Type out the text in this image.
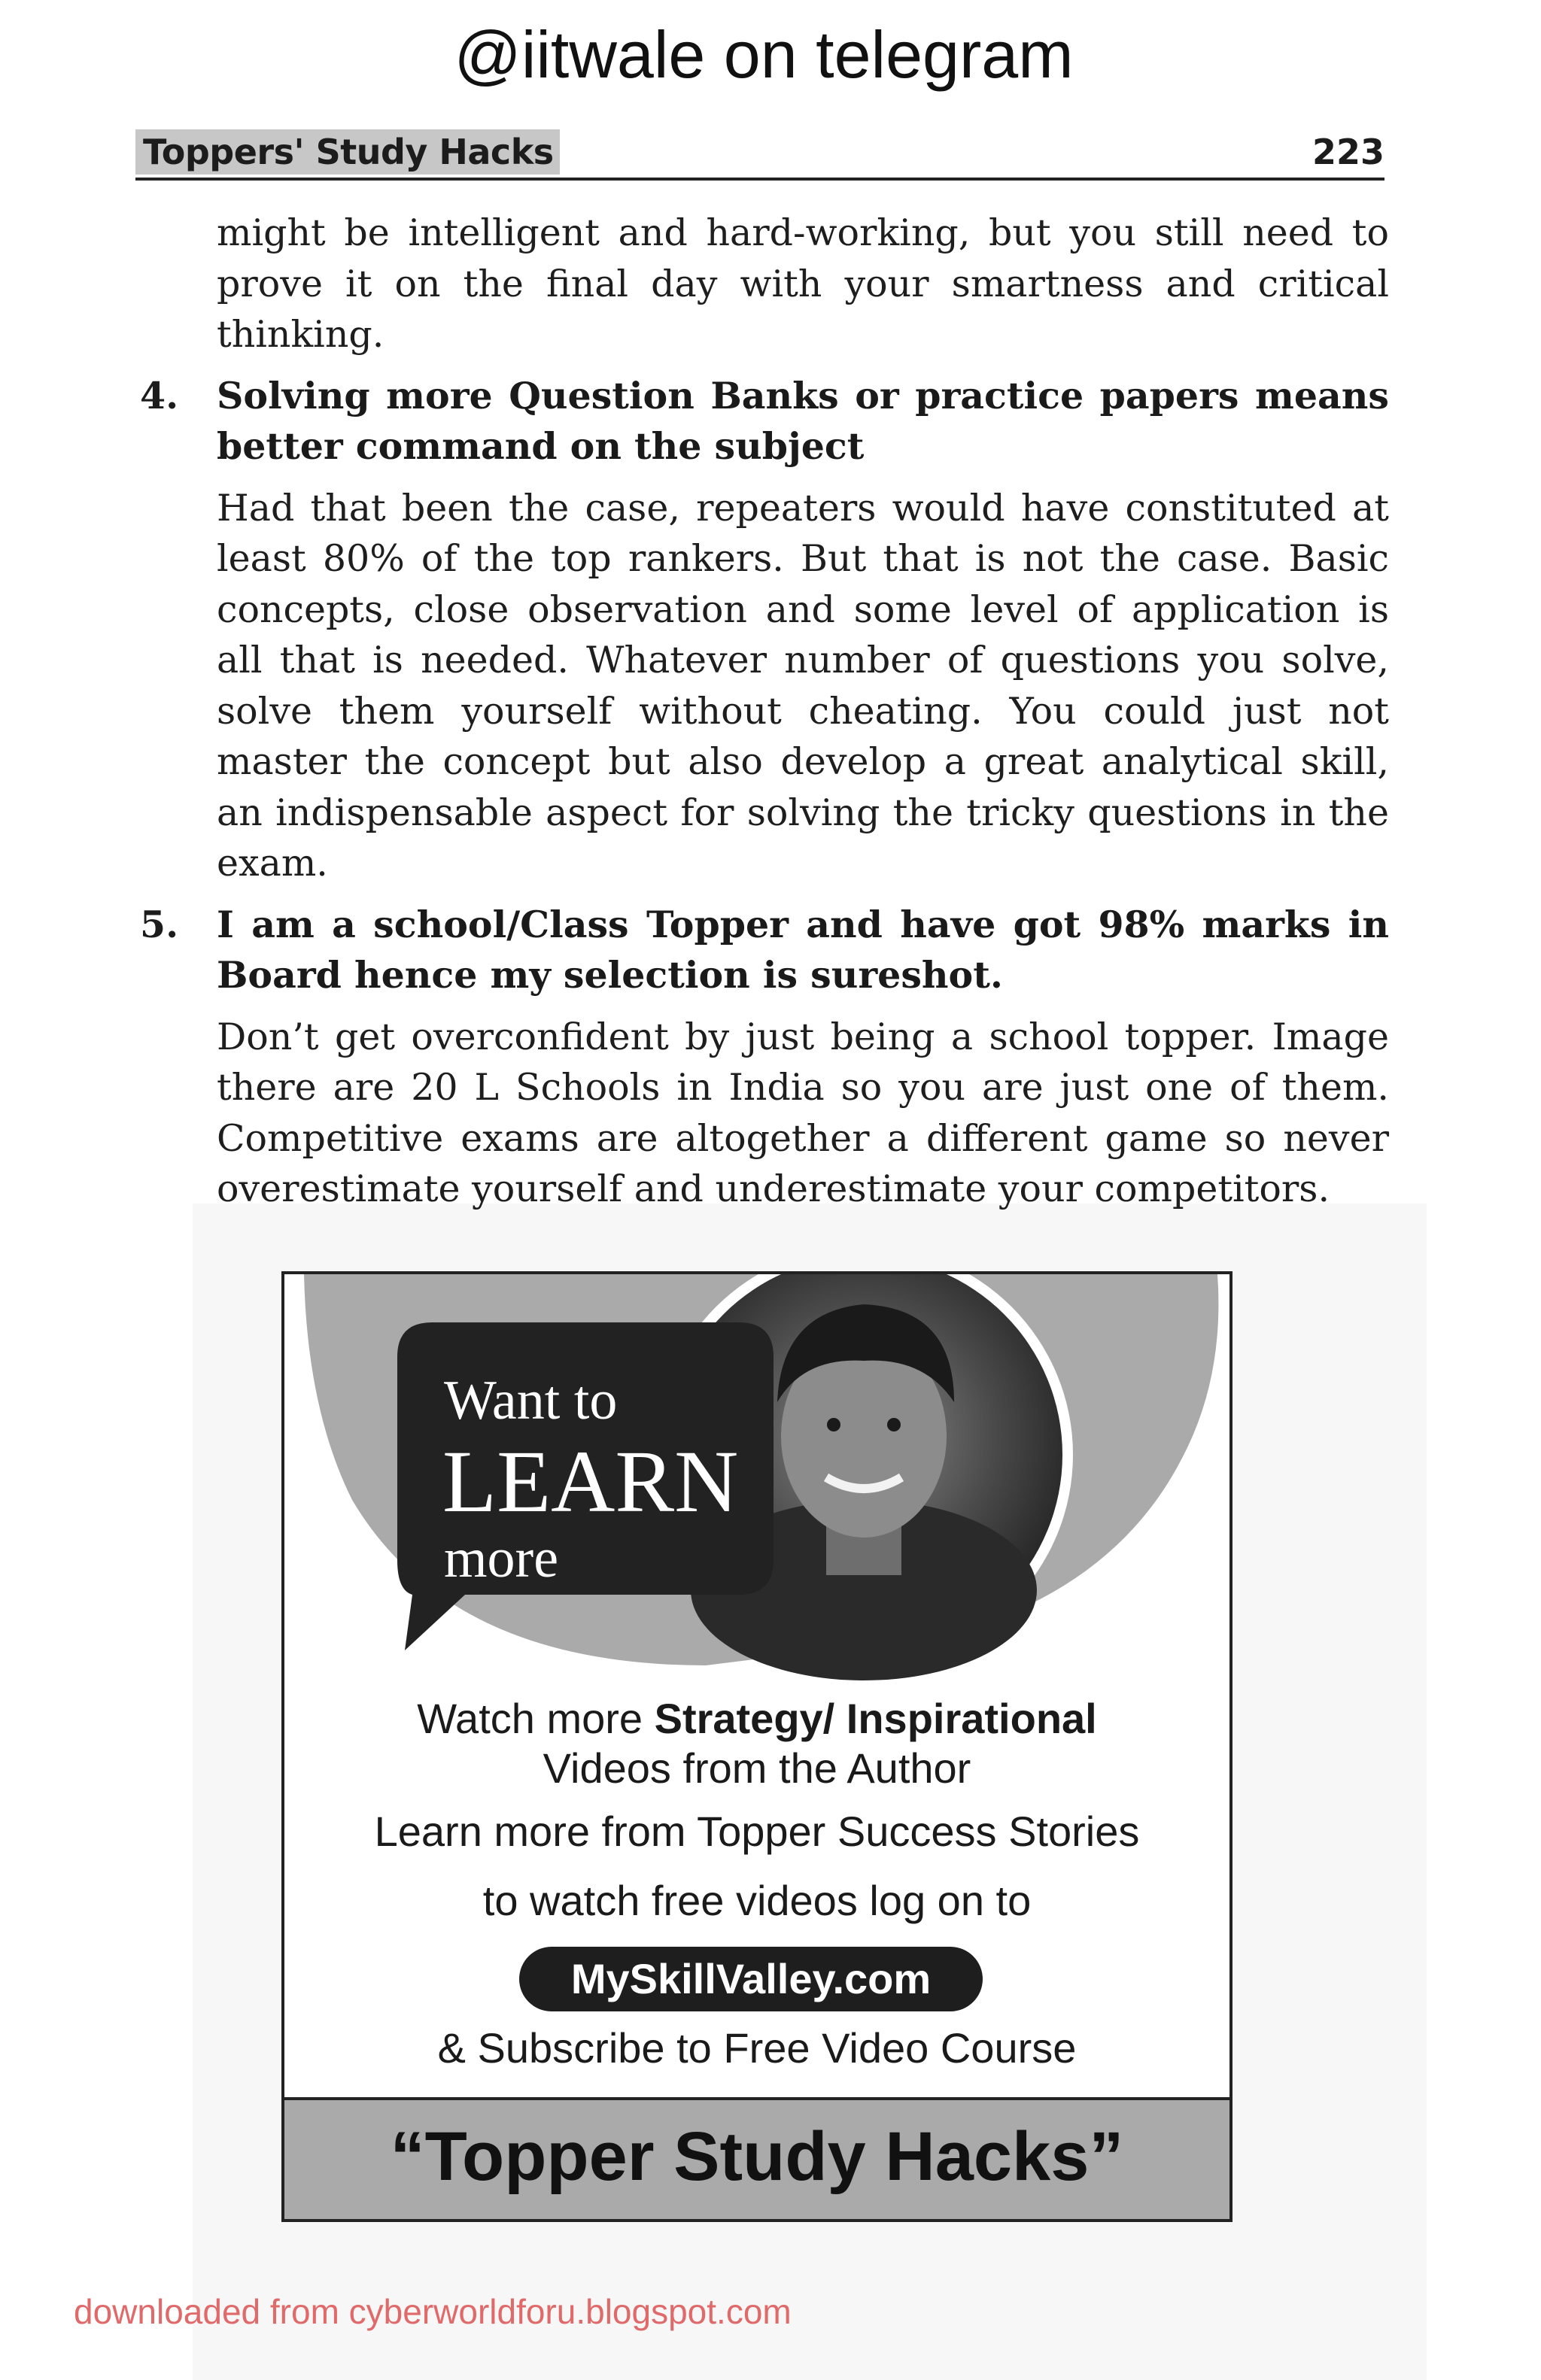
@iitwale on telegram
Toppers' Study Hacks	223

might be intelligent and hard-working, but you still need to prove it on the final day with your smartness and critical thinking.

4. Solving more Question Banks or practice papers means better command on the subject

Had that been the case, repeaters would have constituted at least 80% of the top rankers. But that is not the case. Basic concepts, close observation and some level of application is all that is needed. Whatever number of questions you solve, solve them yourself without cheating. You could just not master the concept but also develop a great analytical skill, an indispensable aspect for solving the tricky questions in the exam.

5. I am a school/Class Topper and have got 98% marks in Board hence my selection is sureshot.

Don’t get overconfident by just being a school topper. Image there are 20 L Schools in India so you are just one of them. Competitive exams are altogether a different game so never overestimate yourself and underestimate your competitors.

Want to
LEARN
more
Watch more Strategy/ Inspirational
Videos from the Author
Learn more from Topper Success Stories
to watch free videos log on to
MySkillValley.com
& Subscribe to Free Video Course
“Topper Study Hacks”
downloaded from cyberworldforu.blogspot.com
